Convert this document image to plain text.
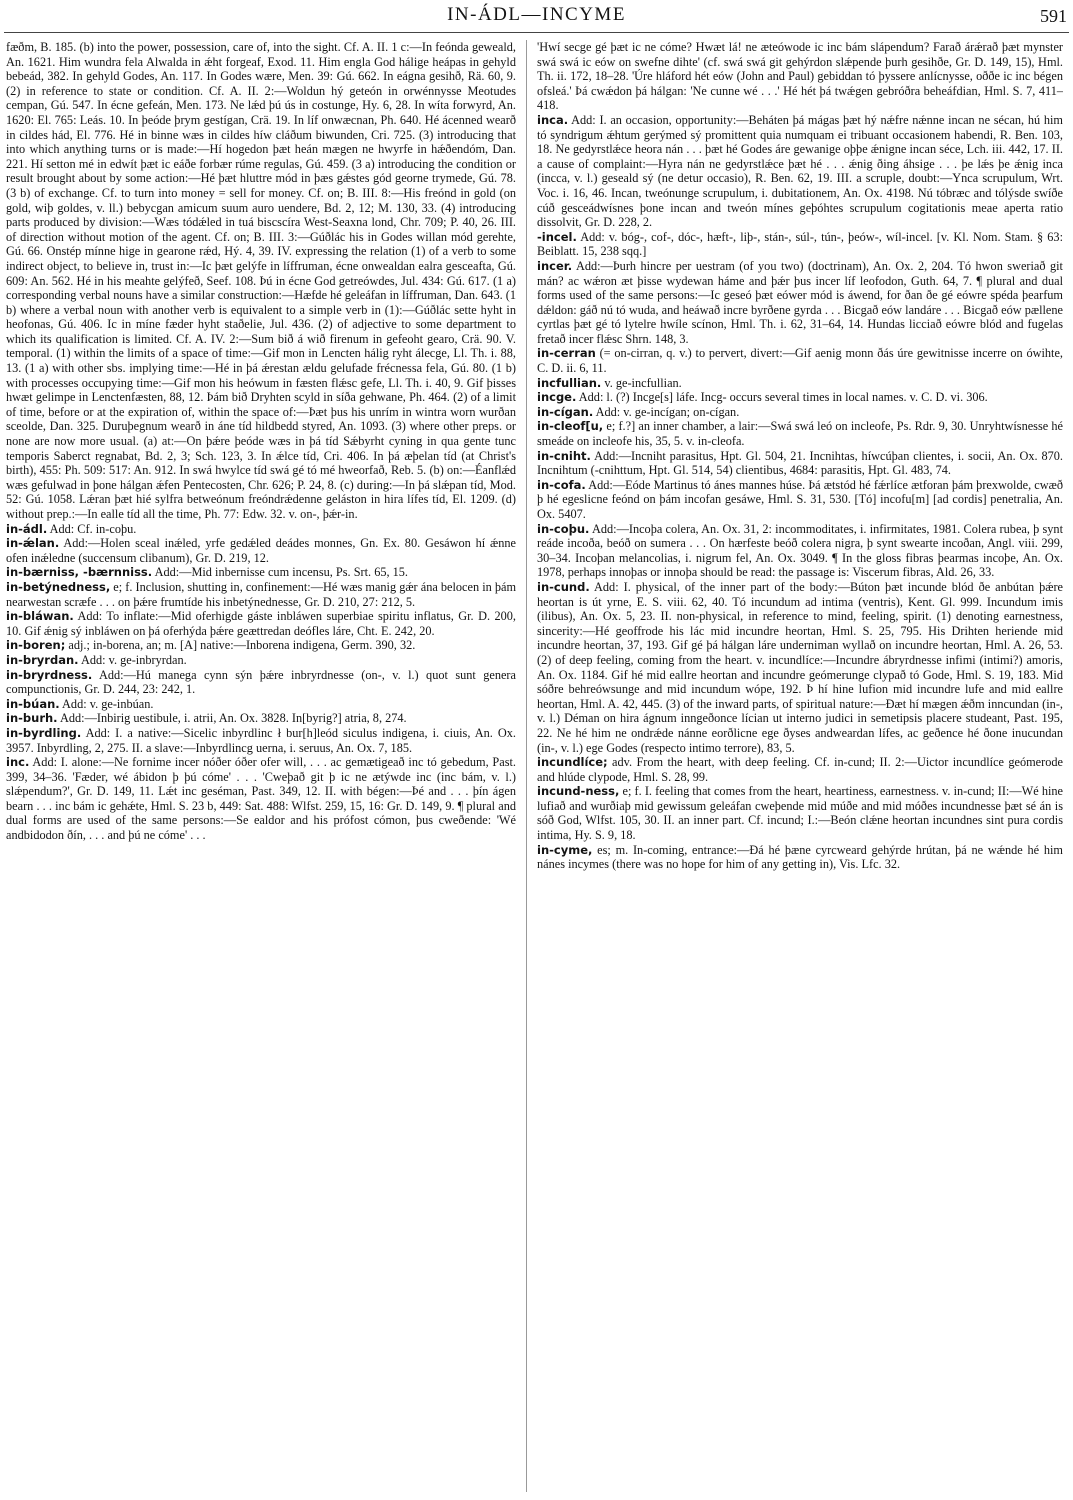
IN-ÁDL—INCYME	591

fæðm, B. 185. (b) into the power, possession, care of, into the sight. Cf. A. II. 1 c:—In feónda geweald, An. 1621. Him wundra fela Alwalda in ǽht forgeaf, Exod. 11. Him engla God hálige heápas in gehyld bebeád, 382. In gehyld Godes, An. 117. In Godes wære, Men. 39: Gú. 662. In eágna gesihð, Rä. 60, 9. (2) in reference to state or condition. Cf. A. II. 2:—Woldun hý geteón in orwénnysse Meotudes cempan, Gú. 547. In écne gefeán, Men. 173. Ne lǽd þú ús in costunge, Hy. 6, 28. In wíta forwyrd, An. 1620: El. 765: Leás. 10. In þeóde þrym gestígan, Crä. 19. In líf onwæcnan, Ph. 640. Hé ácenned wearð in cildes hád, El. 776. Hé in binne wæs in cildes híw cláðum biwunden, Cri. 725. (3) introducing that into which anything turns or is made:—Hí hogedon þæt heán mægen ne hwyrfe in hǽðendóm, Dan. 221. Hí setton mé in edwít þæt ic eáðe forbær rúme regulas, Gú. 459. (3 a) introducing the condition or result brought about by some action:—Hé þæt hluttre mód in þæs gǽstes gód georne trymede, Gú. 78. (3 b) of exchange. Cf. to turn into money = sell for money. Cf. on; B. III. 8:—His freónd in gold (on gold, wiþ goldes, v. ll.) bebycgan amicum suum auro uendere, Bd. 2, 12; M. 130, 33. (4) introducing parts produced by division:—Wæs tódǽled in tuá biscscíra West-Seaxna lond, Chr. 709; P. 40, 26. III. of direction without motion of the agent. Cf. on; B. III. 3:—Gúðlác his in Godes willan mód gerehte, Gú. 66. Onstép mínne hige in gearone rǽd, Hý. 4, 39. IV. expressing the relation (1) of a verb to some indirect object, to believe in, trust in:—Ic þæt gelýfe in líffruman, écne onwealdan ealra gesceafta, Gú. 609: An. 562. Hé in his meahte gelýfeð, Seef. 108. Þú in écne God getreówdes, Jul. 434: Gú. 617. (1 a) corresponding verbal nouns have a similar construction:—Hæfde hé geleáfan in líffruman, Dan. 643. (1 b) where a verbal noun with another verb is equivalent to a simple verb in (1):—Gúðlác sette hyht in heofonas, Gú. 406. Ic in míne fæder hyht staðelie, Jul. 436. (2) of adjective to some department to which its qualification is limited. Cf. A. IV. 2:—Sum bið á wið firenum in gefeoht gearo, Crä. 90. V. temporal. (1) within the limits of a space of time:—Gif mon in Lencten hálig ryht álecge, Ll. Th. i. 88, 13. (1 a) with other sbs. implying time:—Hé in þá ǽrestan ældu gelufade frécnessa fela, Gú. 80. (1 b) with processes occupying time:—Gif mon his heówum in fæsten flǽsc gefe, Ll. Th. i. 40, 9. Gif þisses hwæt gelimpe in Lenctenfæsten, 88, 12. Þám bið Dryhten scyld in síða gehwane, Ph. 464. (2) of a limit of time, before or at the expiration of, within the space of:—Þæt þus his unrím in wintra worn wurðan sceolde, Dan. 325. Duruþegnum wearð in áne tíd hildbedd styred, An. 1093. (3) where other preps. or none are now more usual. (a) at:—On þǽre þeóde wæs in þá tíd Sǽbyrht cyning in qua gente tunc temporis Saberct regnabat, Bd. 2, 3; Sch. 123, 3. In ǽlce tíd, Cri. 406. In þá æþelan tíd (at Christ's birth), 455: Ph. 509: 517: An. 912. In swá hwylce tíd swá gé tó mé hweorfað, Reb. 5. (b) on:—Éanflǽd wæs gefulwad in þone hálgan ǽfen Pentecosten, Chr. 626; P. 24, 8. (c) during:—In þá slǽpan tíd, Mod. 52: Gú. 1058. Lǽran þæt hié sylfra betweónum freóndrǽdenne geláston in hira lífes tíd, El. 1209. (d) without prep.:—In ealle tíd all the time, Ph. 77: Edw. 32. v. on-, þǽr-in.

in-ádl. Add: Cf. in-coþu.

in-ǽlan. Add:—Holen sceal inǽled, yrfe gedǽled deádes monnes, Gn. Ex. 80. Gesáwon hí ǽnne ofen inǽledne (succensum clibanum), Gr. D. 219, 12.

in-bærniss, -bærnniss. Add:—Mid inbernisse cum incensu, Ps. Srt. 65, 15.

in-betýnedness, e; f. Inclusion, shutting in, confinement:—Hé wæs manig gǽr ána belocen in þám nearwestan scræfe . . . on þǽre frumtíde his inbetýnednesse, Gr. D. 210, 27: 212, 5.

in-bláwan. Add: To inflate:—Mid oferhigde gáste inbláwen superbiae spiritu inflatus, Gr. D. 200, 10. Gif ǽnig sý inbláwen on þá oferhýda þǽre geættredan deófles láre, Cht. E. 242, 20.

in-boren; adj.; in-borena, an; m. [A] native:—Inborena indigena, Germ. 390, 32.

in-bryrdan. Add: v. ge-inbryrdan.

in-bryrdness. Add:—Hú manega cynn sýn þǽre inbryrdnesse (on-, v. l.) quot sunt genera compunctionis, Gr. D. 244, 23: 242, 1.

in-búan. Add: v. ge-inbúan.

in-burh. Add:—Inbirig uestibule, i. atrii, An. Ox. 3828. In[byrig?] atria, 8, 274.

in-byrdling. Add: I. a native:—Sicelic inbyrdlinc ł bur[h]leód siculus indigena, i. ciuis, An. Ox. 3957. Inbyrdling, 2, 275. II. a slave:—Inbyrdlincg uerna, i. seruus, An. Ox. 7, 185.

inc. Add: I. alone:—Ne fornime incer nóðer óðer ofer will, . . . ac gemætigeað inc tó gebedum, Past. 399, 34–36. 'Fæder, wé ábidon þ þú cóme' . . . 'Cweþað git þ ic ne ætýwde inc (inc bám, v. l.) slǽpendum?', Gr. D. 149, 11. Lǽt inc geséman, Past. 349, 12. II. with bégen:—Þé and . . . þín ágen bearn . . . inc bám ic gehǽte, Hml. S. 23 b, 449: Sat. 488: Wlfst. 259, 15, 16: Gr. D. 149, 9. ¶ plural and dual forms are used of the same persons:—Se ealdor and his prófost cómon, þus cweðende: 'Wé andbidodon ðín, . . . and þú ne cóme' . . .

'Hwí secge gé þæt ic ne cóme? Hwæt lá! ne æteówode ic inc bám slápendum? Farað árǽrað þæt mynster swá swá ic eów on swefne dihte' (cf. swá swá git gehýrdon slǽpende þurh gesihðe, Gr. D. 149, 15), Hml. Th. ii. 172, 18–28. 'Úre hláford hét eów (John and Paul) gebiddan tó þyssere anlícnysse, oððe ic inc bégen ofsleá.' Þá cwǽdon þá hálgan: 'Ne cunne wé . . .' Hé hét þá twǽgen gebróðra beheáfdian, Hml. S. 7, 411–418.

inca. Add: I. an occasion, opportunity:—Beháten þá mágas þæt hý nǽfre nǽnne incan ne sécan, hú him tó syndrigum ǽhtum gerýmed sý promittent quia numquam ei tribuant occasionem habendi, R. Ben. 103, 18. Ne gedyrstlǽce heora nán . . . þæt hé Godes áre gewanige oþþe ǽnigne incan séce, Lch. iii. 442, 17. II. a cause of complaint:—Hyra nán ne gedyrstlǽce þæt hé . . . ǽnig ðing áhsige . . . þe lǽs þe ǽnig inca (incca, v. l.) geseald sý (ne detur occasio), R. Ben. 62, 19. III. a scruple, doubt:—Ynca scrupulum, Wrt. Voc. i. 16, 46. Incan, tweónunge scrupulum, i. dubitationem, An. Ox. 4198. Nú tóbræc and tólýsde swíðe cúð gesceádwísnes þone incan and tweón mínes geþóhtes scrupulum cogitationis meae aperta ratio dissolvit, Gr. D. 228, 2.

-incel. Add: v. bóg-, cof-, dóc-, hæft-, liþ-, stán-, súl-, tún-, þeów-, wíl-incel. [v. Kl. Nom. Stam. § 63: Beiblatt. 15, 238 sqq.]

incer. Add:—Þurh hincre per uestram (of you two) (doctrinam), An. Ox. 2, 204. Tó hwon sweriað git mán? ac wǽron æt þisse wydewan háme and þǽr þus incer líf leofodon, Guth. 64, 7. ¶ plural and dual forms used of the same persons:—Ic geseó þæt eówer mód is áwend, for ðan ðe gé eówre spéda þearfum dǽldon: gáð nú tó wuda, and heáwað incre byrðene gyrda . . . Bicgað eów landáre . . . Bicgað eów pællene cyrtlas þæt gé tó lytelre hwíle scínon, Hml. Th. i. 62, 31–64, 14. Hundas licciað eówre blód and fugelas fretað incer flǽsc Shrn. 148, 3.

in-cerran (= on-cirran, q. v.) to pervert, divert:—Gif aenig monn ðás úre gewitnisse incerre on ówihte, C. D. ii. 6, 11.

incfullian. v. ge-incfullian.

incge. Add: l. (?) Incge[s] láfe. Incg- occurs several times in local names. v. C. D. vi. 306.

in-cígan. Add: v. ge-incígan; on-cígan.

in-cleof[u, e; f.?] an inner chamber, a lair:—Swá swá leó on incleofe, Ps. Rdr. 9, 30. Unryhtwísnesse hé smeáde on incleofe his, 35, 5. v. in-cleofa.

in-cniht. Add:—Incniht parasitus, Hpt. Gl. 504, 21. Incnihtas, híwcúþan clientes, i. socii, An. Ox. 870. Incnihtum (-cnihttum, Hpt. Gl. 514, 54) clientibus, 4684: parasitis, Hpt. Gl. 483, 74.

in-cofa. Add:—Eóde Martinus tó ánes mannes húse. Þá ætstód hé fǽrlíce ætforan þám þrexwolde, cwæð þ hé egeslicne feónd on þám incofan gesáwe, Hml. S. 31, 530. [Tó] incofu[m] [ad cordis] penetralia, An. Ox. 5407.

in-coþu. Add:—Incoþa colera, An. Ox. 31, 2: incommoditates, i. infirmitates, 1981. Colera rubea, þ synt reáde incoða, beóð on sumera . . . On hærfeste beóð colera nigra, þ synt swearte incoðan, Angl. viii. 299, 30–34. Incoþan melancolias, i. nigrum fel, An. Ox. 3049. ¶ In the gloss fibras þearmas incoþe, An. Ox. 1978, perhaps innoþas or innoþa should be read: the passage is: Viscerum fibras, Ald. 26, 33.

in-cund. Add: I. physical, of the inner part of the body:—Búton þæt incunde blód ðe anbútan þǽre heortan is út yrne, E. S. viii. 62, 40. Tó incundum ad intima (ventris), Kent. Gl. 999. Incundum imis (ilibus), An. Ox. 5, 23. II. non-physical, in reference to mind, feeling, spirit. (1) denoting earnestness, sincerity:—Hé geoffrode his lác mid incundre heortan, Hml. S. 25, 795. His Drihten heriende mid incundre heortan, 37, 193. Gif gé þá hálgan láre underniman wyllað on incundre heortan, Hml. A. 26, 53. (2) of deep feeling, coming from the heart. v. incundlíce:—Incundre ábryrdnesse infimi (intimi?) amoris, An. Ox. 1184. Gif hé mid eallre heortan and incundre geómerunge clypað tó Gode, Hml. S. 19, 183. Mid sóðre behreówsunge and mid incundum wópe, 192. Þ hí hine lufion mid incundre lufe and mid eallre heortan, Hml. A. 42, 445. (3) of the inward parts, of spiritual nature:—Ðæt hí mægen ǽðm inncundan (in-, v. l.) Déman on hira ágnum inngeðonce lícian ut interno judici in semetipsis placere studeant, Past. 195, 22. Ne hé him ne ondrǽde nánne eorðlicne ege ðyses andweardan lífes, ac geðence hé ðone inucundan (in-, v. l.) ege Godes (respecto intimo terrore), 83, 5.

incundlíce; adv. From the heart, with deep feeling. Cf. in-cund; II. 2:—Uictor incundlíce geómerode and hlúde clypode, Hml. S. 28, 99.

incund-ness, e; f. I. feeling that comes from the heart, heartiness, earnestness. v. in-cund; II:—Wé hine lufiað and wurðiaþ mid gewissum geleáfan cweþende mid múðe and mid móðes incundnesse þæt sé án is sóð God, Wlfst. 105, 30. II. an inner part. Cf. incund; I.:—Beón clǽne heortan incundnes sint pura cordis intima, Hy. S. 9, 18.

in-cyme, es; m. In-coming, entrance:—Ðá hé þæne cyrcweard gehýrde hrútan, þá ne wǽnde hé him nánes incymes (there was no hope for him of any getting in), Vis. Lfc. 32.
